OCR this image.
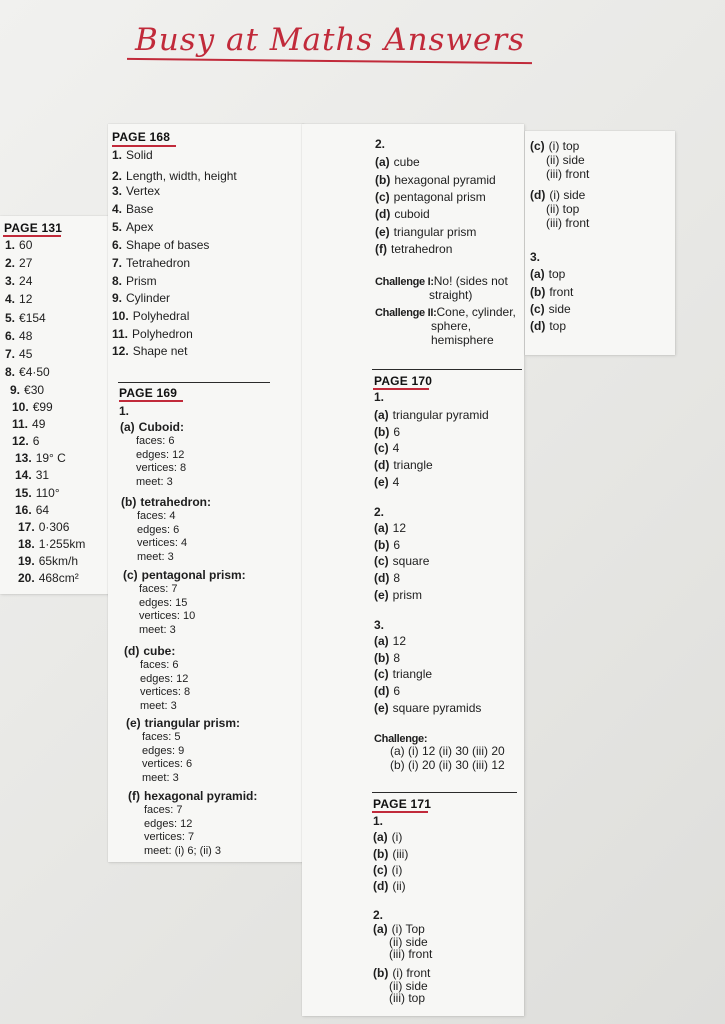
Busy at Maths Answers
PAGE 131
PAGE 168
PAGE 169
PAGE 170
PAGE 171
1. 60
2. 27
3. 24
4. 12
5. €154
6. 48
7. 45
8. €4·50
9. €30
10. €99
11. 49
12. 6
13. 19° C
14. 31
15. 110°
16. 64
17. 0·306
18. 1·255km
19. 65km/h
20. 468cm²
1. Solid
2. Length, width, height
3. Vertex
4. Base
5. Apex
6. Shape of bases
7. Tetrahedron
8. Prism
9. Cylinder
10. Polyhedral
11. Polyhedron
12. Shape net
1.
(a) Cuboid:
faces: 6
edges: 12
vertices: 8
meet: 3
(b) tetrahedron:
faces: 4
edges: 6
vertices: 4
meet: 3
(c) pentagonal prism:
faces: 7
edges: 15
vertices: 10
meet: 3
(d) cube:
faces: 6
edges: 12
vertices: 8
meet: 3
(e) triangular prism:
faces: 5
edges: 9
vertices: 6
meet: 3
(f) hexagonal pyramid:
faces: 7
edges: 12
vertices: 7
meet: (i) 6; (ii) 3
2.
(a) cube
(b) hexagonal pyramid
(c) pentagonal prism
(d) cuboid
(e) triangular prism
(f) tetrahedron
Challenge I:No! (sides not
straight)
Challenge II:Cone, cylinder,
sphere,
hemisphere
1.
(a) triangular pyramid
(b) 6
(c) 4
(d) triangle
(e) 4
2.
(a) 12
(b) 6
(c) square
(d) 8
(e) prism
3.
(a) 12
(b) 8
(c) triangle
(d) 6
(e) square pyramids
Challenge:
(a) (i) 12 (ii) 30 (iii) 20
(b) (i) 20 (ii) 30 (iii) 12
1.
(a) (i)
(b) (iii)
(c) (i)
(d) (ii)
2.
(a) (i) Top
(ii) side
(iii) front
(b) (i) front
(ii) side
(iii) top
(c) (i) top
(ii) side
(iii) front
(d) (i) side
(ii) top
(iii) front
3.
(a) top
(b) front
(c) side
(d) top
